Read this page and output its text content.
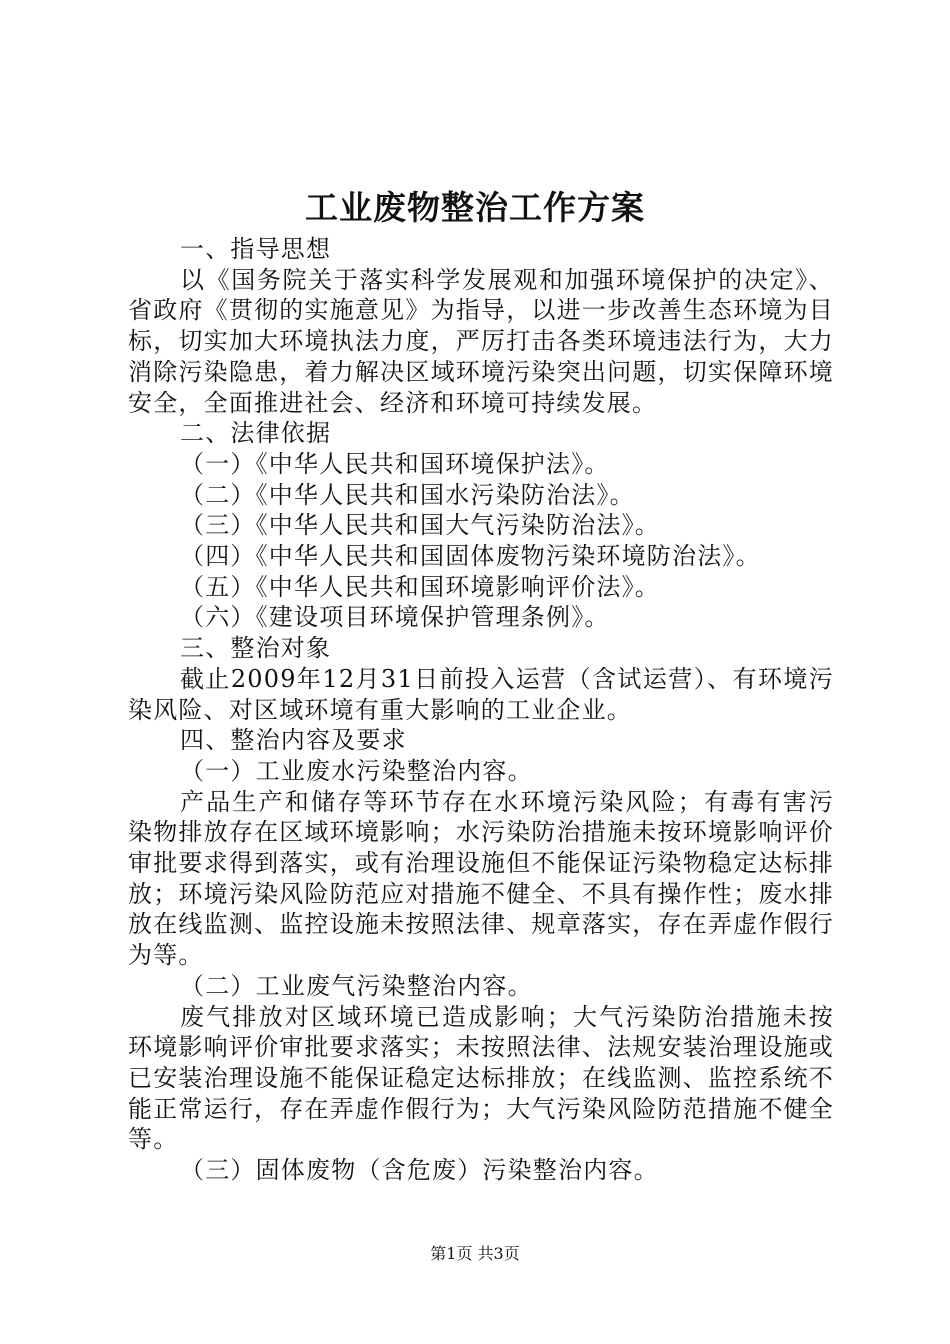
工业废物整治工作方案

一、指导思想

以《国务院关于落实科学发展观和加强环境保护的决定》、省政府《贯彻的实施意见》为指导，以进一步改善生态环境为目标，切实加大环境执法力度，严厉打击各类环境违法行为，大力消除污染隐患，着力解决区域环境污染突出问题，切实保障环境安全，全面推进社会、经济和环境可持续发展。

二、法律依据

（一）《中华人民共和国环境保护法》。

（二）《中华人民共和国水污染防治法》。

（三）《中华人民共和国大气污染防治法》。

（四）《中华人民共和国固体废物污染环境防治法》。

（五）《中华人民共和国环境影响评价法》。

（六）《建设项目环境保护管理条例》。

三、整治对象

截止2009年12月31日前投入运营（含试运营）、有环境污染风险、对区域环境有重大影响的工业企业。

四、整治内容及要求

（一）工业废水污染整治内容。

产品生产和储存等环节存在水环境污染风险；有毒有害污染物排放存在区域环境影响；水污染防治措施未按环境影响评价审批要求得到落实，或有治理设施但不能保证污染物稳定达标排放；环境污染风险防范应对措施不健全、不具有操作性；废水排放在线监测、监控设施未按照法律、规章落实，存在弄虚作假行为等。

（二）工业废气污染整治内容。

废气排放对区域环境已造成影响；大气污染防治措施未按环境影响评价审批要求落实；未按照法律、法规安装治理设施或已安装治理设施不能保证稳定达标排放；在线监测、监控系统不能正常运行，存在弄虚作假行为；大气污染风险防范措施不健全等。

（三）固体废物（含危废）污染整治内容。

第1页 共3页
